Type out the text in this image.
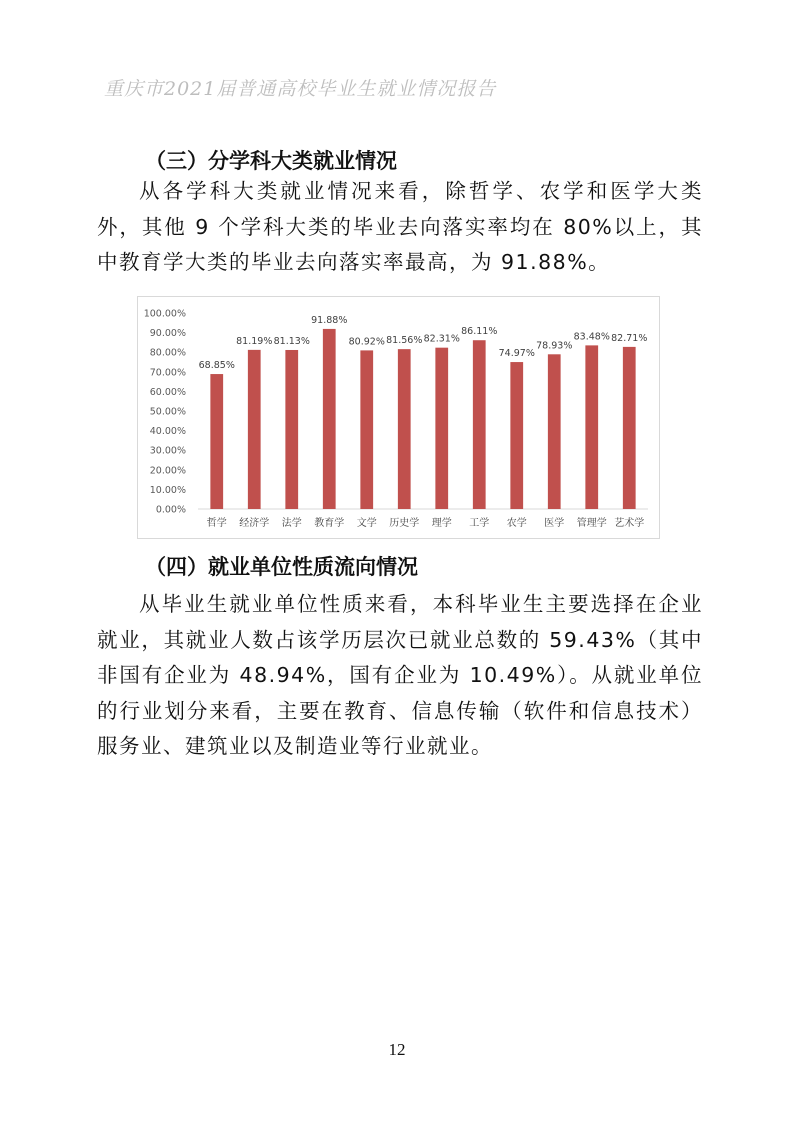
重庆市2021届普通高校毕业生就业情况报告
（三）分学科大类就业情况

从各学科大类就业情况来看，除哲学、农学和医学大类外，其他 9 个学科大类的毕业去向落实率均在 80%以上，其中教育学大类的毕业去向落实率最高，为 91.88%。

0.00%
10.00%
20.00%
30.00%
40.00%
50.00%
60.00%
70.00%
80.00%
90.00%
100.00%
68.85%
哲学
81.19%
经济学
81.13%
法学
91.88%
教育学
80.92%
文学
81.56%
历史学
82.31%
理学
86.11%
工学
74.97%
农学
78.93%
医学
83.48%
管理学
82.71%
艺术学
（四）就业单位性质流向情况

从毕业生就业单位性质来看，本科毕业生主要选择在企业就业，其就业人数占该学历层次已就业总数的 59.43%（其中非国有企业为 48.94%，国有企业为 10.49%）。从就业单位的行业划分来看，主要在教育、信息传输（软件和信息技术）服务业、建筑业以及制造业等行业就业。

12
